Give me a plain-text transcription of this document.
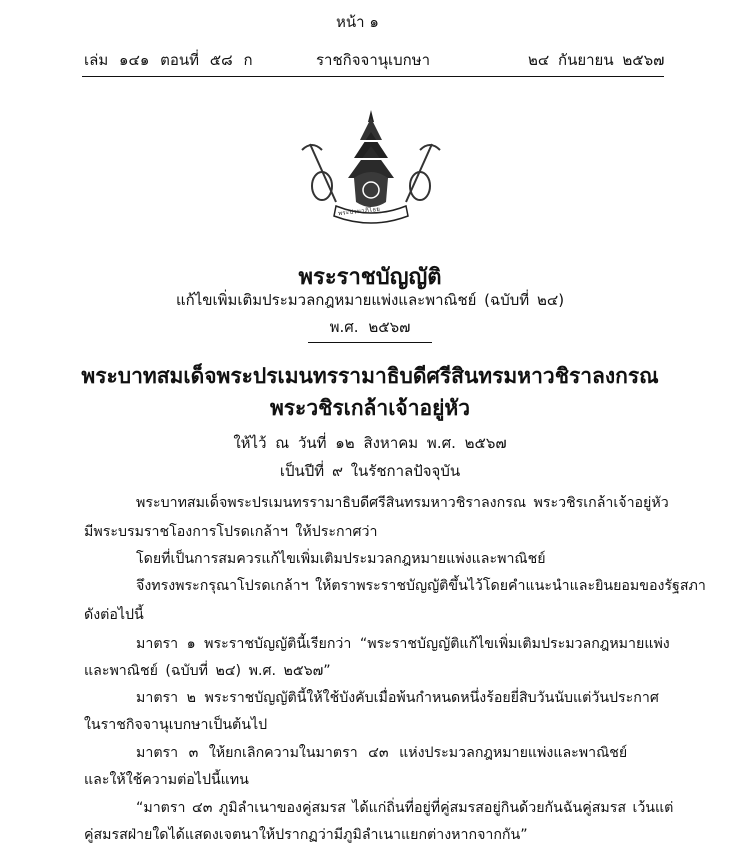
หน้า ๑
เล่ม ๑๔๑ ตอนที่ ๕๘ ก	ราชกิจจานุเบกษา	๒๔ กันยายน ๒๕๖๗
พระปรมาภิไธย
พระราชบัญญัติ
แก้ไขเพิ่มเติมประมวลกฎหมายแพ่งและพาณิชย์ (ฉบับที่ ๒๔)
พ.ศ. ๒๕๖๗
พระบาทสมเด็จพระปรเมนทรรามาธิบดีศรีสินทรมหาวชิราลงกรณ
พระวชิรเกล้าเจ้าอยู่หัว
ให้ไว้ ณ วันที่ ๑๒ สิงหาคม พ.ศ. ๒๕๖๗
เป็นปีที่ ๙ ในรัชกาลปัจจุบัน
พระบาทสมเด็จพระปรเมนทรรามาธิบดีศรีสินทรมหาวชิราลงกรณ พระวชิรเกล้าเจ้าอยู่หัว
มีพระบรมราชโองการโปรดเกล้าฯ ให้ประกาศว่า
โดยที่เป็นการสมควรแก้ไขเพิ่มเติมประมวลกฎหมายแพ่งและพาณิชย์
จึงทรงพระกรุณาโปรดเกล้าฯ ให้ตราพระราชบัญญัติขึ้นไว้โดยคำแนะนำและยินยอมของรัฐสภา
ดังต่อไปนี้
มาตรา ๑ พระราชบัญญัตินี้เรียกว่า “พระราชบัญญัติแก้ไขเพิ่มเติมประมวลกฎหมายแพ่ง
และพาณิชย์ (ฉบับที่ ๒๔) พ.ศ. ๒๕๖๗”
มาตรา ๒ พระราชบัญญัตินี้ให้ใช้บังคับเมื่อพ้นกำหนดหนึ่งร้อยยี่สิบวันนับแต่วันประกาศ
ในราชกิจจานุเบกษาเป็นต้นไป
มาตรา ๓ ให้ยกเลิกความในมาตรา ๔๓ แห่งประมวลกฎหมายแพ่งและพาณิชย์
และให้ใช้ความต่อไปนี้แทน
“มาตรา ๔๓ ภูมิลำเนาของคู่สมรส ได้แก่ถิ่นที่อยู่ที่คู่สมรสอยู่กินด้วยกันฉันคู่สมรส เว้นแต่
คู่สมรสฝ่ายใดได้แสดงเจตนาให้ปรากฏว่ามีภูมิลำเนาแยกต่างหากจากกัน”
